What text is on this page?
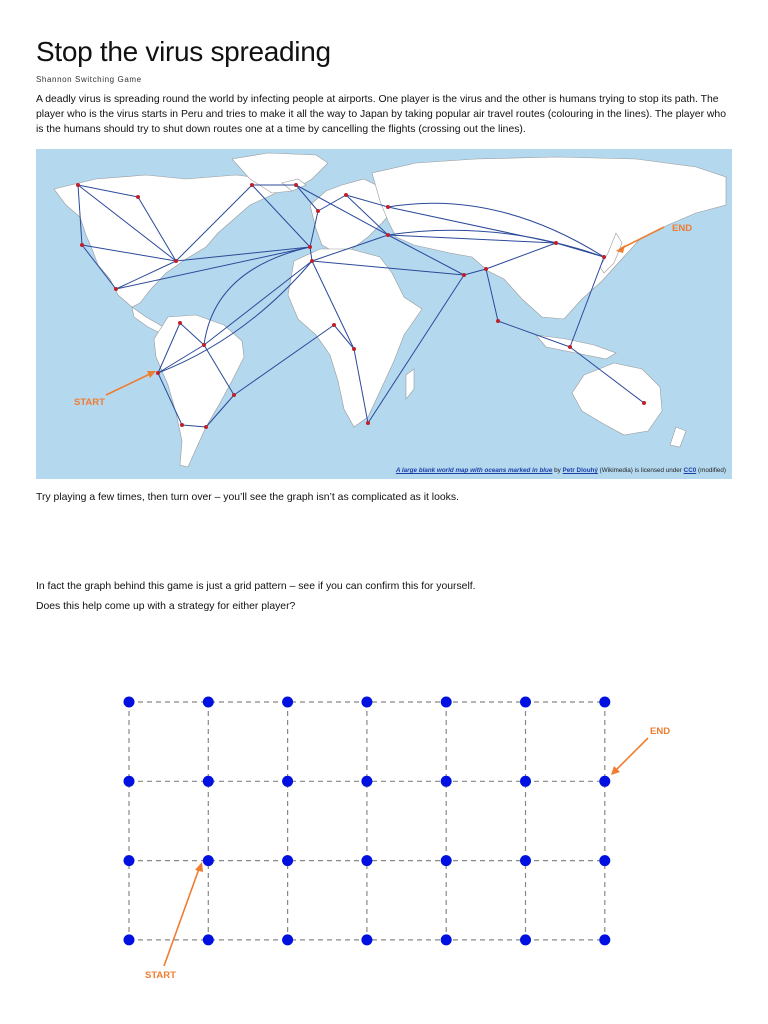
Stop the virus spreading
Shannon Switching Game

A deadly virus is spreading round the world by infecting people at airports. One player is the virus and the other is humans trying to stop its path. The player who is the virus starts in Peru and tries to make it all the way to Japan by taking popular air travel routes (colouring in the lines). The player who is the humans should try to shut down routes one at a time by cancelling the flights (crossing out the lines).

START
END
A large blank world map with oceans marked in blue by Petr Dlouhý (Wikimedia) is licensed under CC0 (modified)

Try playing a few times, then turn over – you’ll see the graph isn’t as complicated as it looks.

In fact the graph behind this game is just a grid pattern – see if you can confirm this for yourself.

Does this help come up with a strategy for either player?

START
END
